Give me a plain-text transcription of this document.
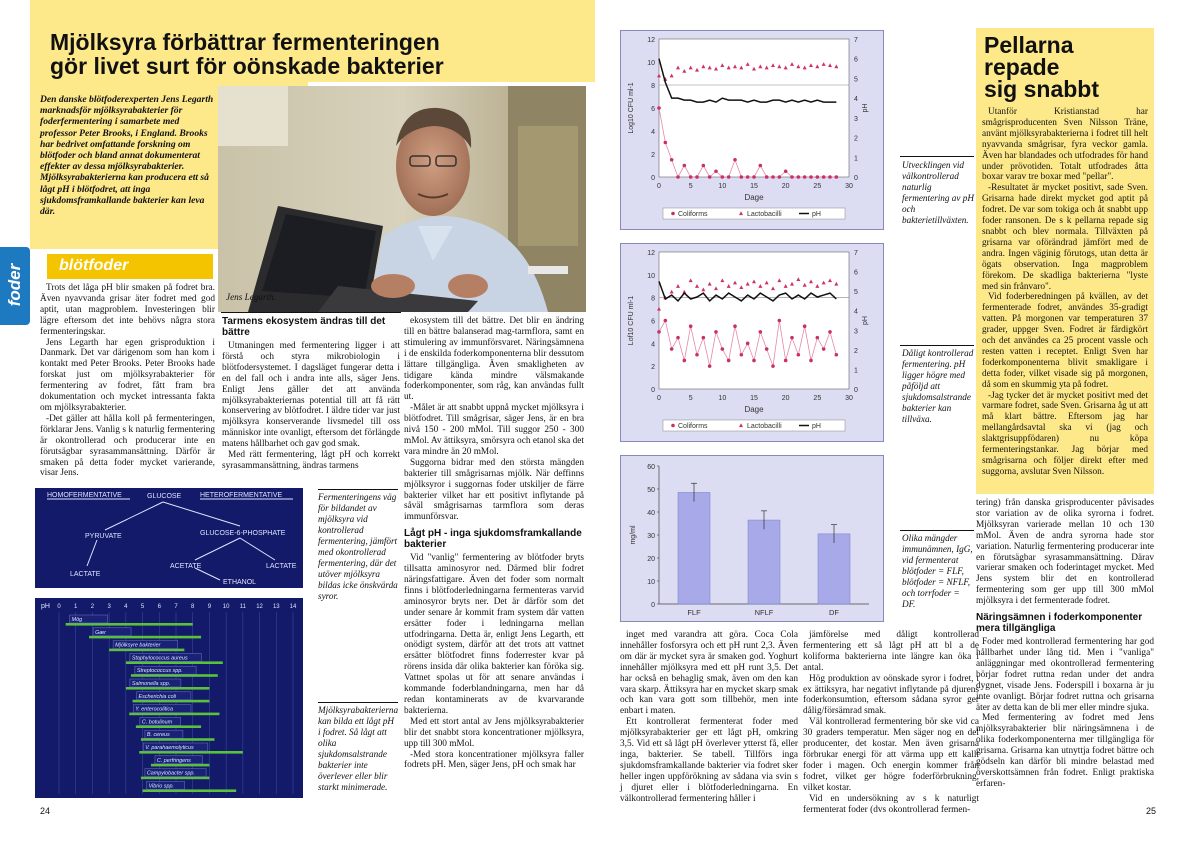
Mjölksyra förbättrar fermenteringen
gör livet surt för oönskade bakterier
Den danske blötfoderexperten Jens Legarth marknadsför mjölksyrabakterier för foderfermentering i samarbete med professor Peter Brooks, i England. Brooks har bedrivet omfattande forskning om blötfoder och bland annat dokumenterat effekter av dessa mjölksyrabakterier. Mjölksyrabakterierna kan producera ett så lågt pH i blötfodret, att inga sjukdomsframkallande bakterier kan leva där.
Jens Legarth.
foder blötfoder

Trots det låga pH blir smaken på fodret bra. Även nyavvanda grisar äter fodret med god aptit, utan magproblem. Investeringen blir lägre eftersom det inte behövs några stora fermenteringskar.

Jens Legarth har egen grisproduktion i Danmark. Det var därigenom som han kom i kontakt med Peter Brooks. Peter Brooks hade forskat just om mjölksyrabakterier för fermentering av fodret, fått fram bra dokumentation och mycket intressanta fakta om mjölksyrabakterier.

-Det gäller att hålla koll på fermenteringen, förklarar Jens. Vanlig s k naturlig fermentering är okontrollerad och producerar inte en förutsägbar syrasammansättning. Därför är smaken på detta foder mycket varierande, visar Jens.

Tarmens ekosystem ändras till det bättre

Utmaningen med fermentering ligger i att förstå och styra mikrobiologin i blötfodersystemet. I dagsläget fungerar detta i en del fall och i andra inte alls, säger Jens. Enligt Jens gäller det att använda mjölksyrabakteriernas potential till att få rätt konservering av blötfodret. I äldre tider var just mjölksyra konserverande livsmedel till oss människor inte ovanligt, eftersom det förlängde matens hållbarhet och gav god smak.

Med rätt fermentering, lågt pH och korrekt syrasammansättning, ändras tarmens

ekosystem till det bättre. Det blir en ändring till en bättre balanserad mag-tarmflora, samt en stimulering av immunförsvaret. Näringsämnena i de enskilda foderkomponenterna blir dessutom lättare tillgängliga. Även smakligheten av tidigare kända mindre välsmakande foderkomponenter, som råg, kan användas fullt ut.

-Målet är att snabbt uppnå mycket mjölksyra i blötfodret. Till smågrisar, säger Jens, är en bra nivå 150 - 200 mMol. Till suggor 250 - 300 mMol. Av ättiksyra, smörsyra och etanol ska det vara mindre än 20 mMol.

Suggorna bidrar med den största mängden bakterier till smågrisarnas mjölk. När deffinns mjölksyror i suggornas foder utskiljer de färre bakterier vilket har ett positivt inflytande på såväl smågrisarnas tarmflora som deras immunförsvar.

Lågt pH - inga sjukdomsframkallande bakterier

Vid "vanlig" fermentering av blötfoder bryts tillsatta aminosyror ned. Därmed blir fodret näringsfattigare. Även det foder som normalt finns i blötfoderledningarna fermenteras varvid aminosyror bryts ner. Det är därför som det under senare år kommit fram system där vatten ersätter foder i ledningarna mellan utfodringarna. Detta är, enligt Jens Legarth, ett onödigt system, därför att det trots att vattnet ersätter blötfodret finns foderrester kvar på rörens insida där olika bakterier kan föröka sig. Vattnet spolas ut för att senare användas i kommande foderblandningarna, men har då redan kontaminerats av de kvarvarande bakterierna.

Med ett stort antal av Jens mjölksyrabakterier blir det snabbt stora koncentrationer mjölksyra, upp till 300 mMol.

-Med stora koncentrationer mjölksyra faller fodrets pH. Men, säger Jens, pH och smak har

HOMOFERMENTATIVE	GLUCOSE	HETEROFERMENTATIVE
PYRUVATE	GLUCOSE-6-PHOSPHATE
LACTATE
ACETATE
ETHANOL
LACTATE
Fermenteringens väg för bildandet av mjölksyra vid kontrollerad fermentering, jämfört med okontrollerad fermentering, där det utöver mjölksyra bildas icke önskvärda syror.
pH 0 1 2 3 4 5 6 7 8 9 10 11 12 13 14
Mög
Gær
Mjölksyre bakterier
Staphylococcus aureus
Streptococcus spp.
Salmonella spp.
Escherichia coli
Y. enterocolitica
C. botulinum
B. cereus
V. parahaemolyticus
C. perfringens
Campylobacter spp.
Vibrio spp.
Mjölksyrabakterierna kan bilda ett lågt pH i fodret. Så lågt att olika sjukdomsalstrande bakterier inte överlever eller blir starkt minimerade.
24
0
2
4
6
8
10
12
0
1
2
3
4
5
6
7
0	5	10	15	20	25	30
Dage
Log10 CFU ml-1	pH
Coliforms	Lactobacilli	pH
Utvecklingen vid välkontrollerad naturlig fermentering av pH och bakterietillväxten.
0
2
4
6
8
10
12
0
1
2
3
4
5
6
7
0	5	10	15	20	25	30
Dage
Lof10 CFU ml-1	pH
Coliforms	Lactobacilli	pH
Dåligt kontrollerad fermentering. pH ligger högre med påföljd att sjukdomsalstrande bakterier kan tillväxa.
0
10
20
30
40
50
60
mg/ml
FLF	NFLF	DF
Olika mängder immunämnen, IgG, vid fermenterat blötfoder = FLF, blötfoder = NFLF, och torrfoder = DF.

inget med varandra att göra. Coca Cola innehåller fosforsyra och ett pH runt 2,3. Även om där är mycket syra är smaken god. Yoghurt innehåller mjölksyra med ett pH runt 3,5. Det har också en behaglig smak, även om den kan vara skarp. Ättiksyra har en mycket skarp smak och kan vara gott som tillbehör, men inte enbart i maten.

Ett kontrollerat fermenterat foder med mjölksyrabakterier ger ett lågt pH, omkring 3,5. Vid ett så lågt pH överlever ytterst få, eller inga, bakterier. Se tabell. Tillförs inga sjukdomsframkallande bakterier via fodret sker heller ingen uppförökning av sådana via svin s j djuret eller i blötfoderledningarna. En välkontrollerad fermentering håller i

jämförelse med dåligt kontrollerad fermentering ett så lågt pH att bl a de koliforma bakterierna inte längre kan öka i antal.

Hög produktion av oönskade syror i fodret, t ex ättiksyra, har negativt inflytande på djurens foderkonsumtion, eftersom sådana syror ger dålig/försämrad smak.

Väl kontrollerad fermentering bör ske vid ca 30 graders temperatur. Men säger nog en del producenter, det kostar. Men även grisarna förbrukar energi för att värma upp ett kallt foder i magen. Och energin kommer från fodret, vilket ger högre foderförbrukning, vilket kostar.

Vid en undersökning av s k naturligt fermenterat foder (dvs okontrollerad fermen-

Pellarna
repade
sig snabbt

Utanför Kristianstad har smågrisproducenten Sven Nilsson Träne, använt mjölksyrabakterierna i fodret till helt nyavvanda smågrisar, fyra veckor gamla. Även har blandades och utfodrades för hand under prövotiden. Totalt utfodrades åtta boxar varav tre boxar med "pellar".

-Resultatet är mycket positivt, sade Sven. Grisarna hade direkt mycket god aptit på fodret. De var som tokiga och åt snabbt upp foder ransonen. De s k pellarna repade sig snabbt och blev normala. Tillväxten på grisarna var oförändrad jämfört med de andra. Ingen väginig förutogs, utan detta är ögats observation. Inga magproblem förekom. De skadliga bakterierna "lyste med sin frånvaro".

Vid foderberedningen på kvällen, av det fermenterade fodret, användes 35-gradigt vatten. På morgonen var temperaturen 37 grader, uppger Sven. Fodret är färdigkört och det användes ca 25 procent vassle och resten vatten i receptet. Enligt Sven har foderkomponenterna blivit smakligare i detta foder, vilket visade sig på morgonen, då som en skummig yta på fodret.

-Jag tycker det är mycket positivt med det varmare fodret, sade Sven. Grisarna åg ut att må klart bättre. Eftersom jag har mellangårdsavtal ska vi (jag och slaktgrisuppfödaren) nu köpa fermenteringstankar. Jag börjar med smågrisarna och följer direkt efter med suggorna, avslutar Sven Nilsson.

tering) från danska grisproducenter påvisades stor variation av de olika syrorna i fodret. Mjölksyran varierade mellan 10 och 130 mMol. Även de andra syrorna hade stor variation. Naturlig fermentering producerar inte en förutsägbar syrasammansättning. Därav varierar smaken och foderintaget mycket. Med Jens system blir det en kontrollerad fermentering som ger upp till 300 mMol mjölksyra i det fermenterade fodret.

Näringsämnen i foderkomponenter mera tillgängliga

Foder med kontrollerad fermentering har god hållbarhet under lång tid. Men i "vanliga" anläggningar med okontrollerad fermentering börjar fodret ruttna redan under det andra dygnet, visade Jens. Foderspill i boxarna är ju inte ovanligt. Börjar fodret ruttna och grisarna äter av detta kan de bli mer eller mindre sjuka.

Med fermentering av fodret med Jens mjölksyrabakterier blir näringsämnena i de olika foderkomponenterna mer tillgängliga för grisarna. Grisarna kan utnyttja fodret bättre och gödseln kan därför bli mindre belastad med överskottsämnen från fodret. Enligt praktiska erfaren-

25
